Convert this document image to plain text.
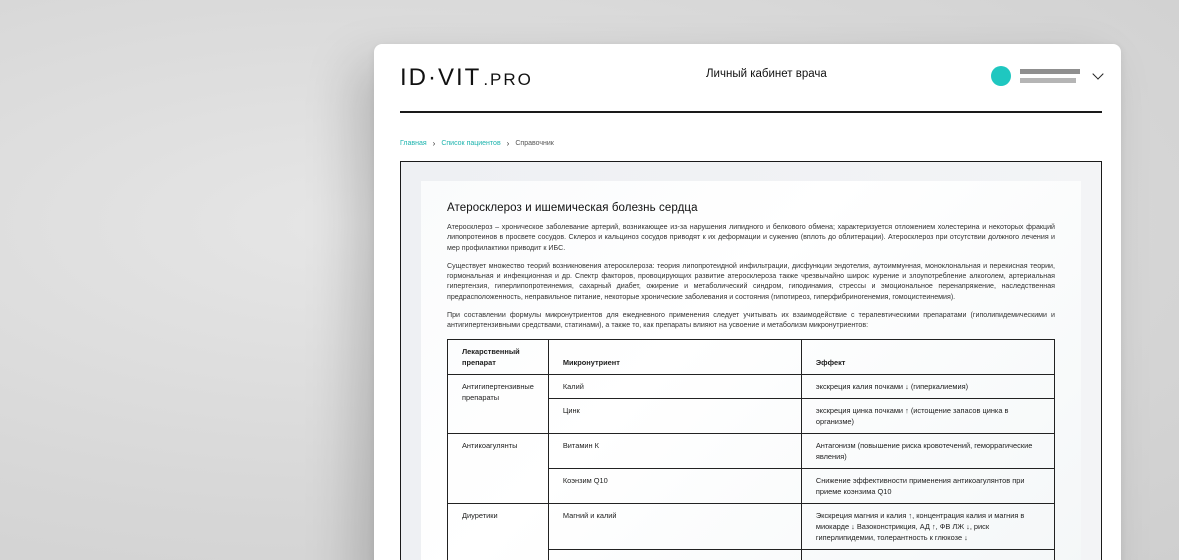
ID·VIT .PRO	Личный кабинет врача
Главная › Список пациентов › Справочник
Атеросклероз и ишемическая болезнь сердца

Атеросклероз – хроническое заболевание артерий, возникающее из-за нарушения липидного и белкового обмена; характеризуется отложением холестерина и некоторых фракций липопротеинов в просвете сосудов. Склероз и кальциноз сосудов приводят к их деформации и сужению (вплоть до облитерации). Атеросклероз при отсутствии должного лечения и мер профилактики приводит к ИБС.

Существует множество теорий возникновения атеросклероза: теория липопротеидной инфильтрации, дисфункции эндотелия, аутоиммунная, моноклональная и перекисная теории, гормональная и инфекционная и др. Спектр факторов, провоцирующих развитие атеросклероза также чрезвычайно широк: курение и злоупотребление алкоголем, артериальная гипертензия, гиперлипопротеинемия, сахарный диабет, ожирение и метаболический синдром, гиподинамия, стрессы и эмоциональное перенапряжение, наследственная предрасположенность, неправильное питание, некоторые хронические заболевания и состояния (гипотиреоз, гиперфибриногенемия, гомоцистеинемия).

При составлении формулы микронутриентов для ежедневного применения следует учитывать их взаимодействие с терапевтическими препаратами (гиполипидемическими и антигипертензивными средствами, статинами), а также то, как препараты влияют на усвоение и метаболизм микронутриентов:

Лекарственный препарат	Микронутриент	Эффект
Антигипертензивные препараты	Калий	экскреция калия почками ↓ (гиперкалиемия)
	Цинк	экскреция цинка почками ↑ (истощение запасов цинка в организме)
Антикоагулянты	Витамин К	Антагонизм (повышение риска кровотечений, геморрагические явления)
	Коэнзим Q10	Снижение эффективности применения антикоагулянтов при приеме коэнзима Q10
Диуретики	Магний и калий	Экскреция магния и калия ↑, концентрация калия и магния в миокарде ↓ Вазоконстрикция, АД ↑, ФВ ЛЖ ↓, риск гиперлипидемии, толерантность к глюкозе ↓
